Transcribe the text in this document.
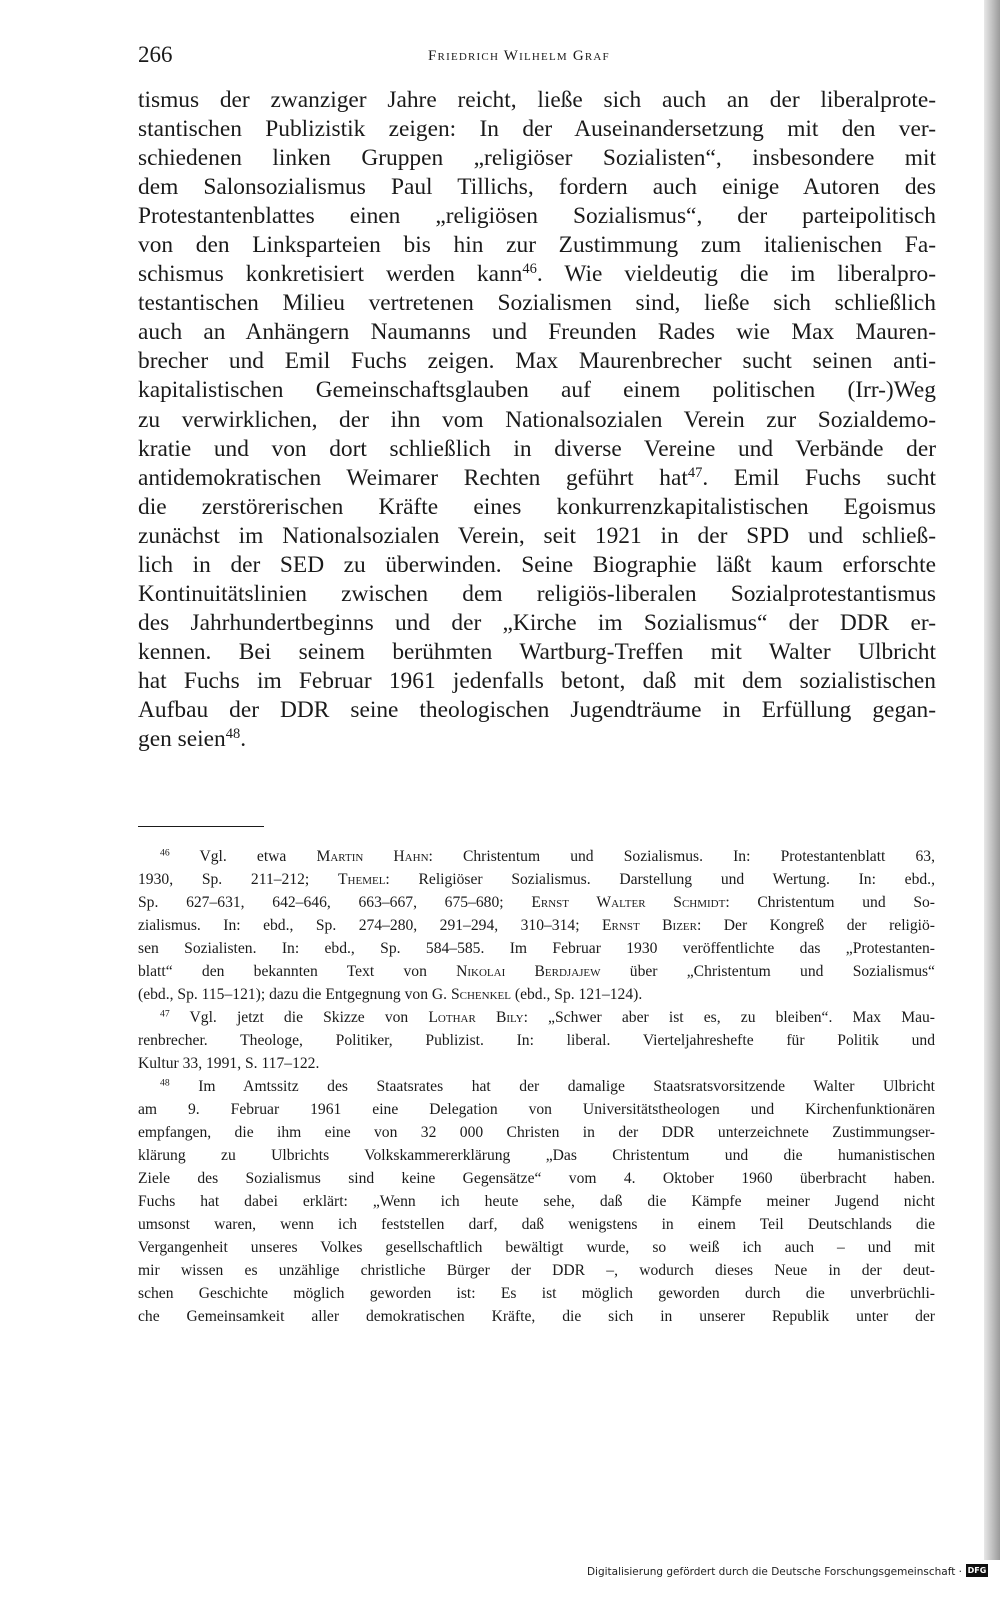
266	Friedrich Wilhelm Graf

tismus der zwanziger Jahre reicht, ließe sich auch an der liberalprote-
stantischen Publizistik zeigen: In der Auseinandersetzung mit den ver-
schiedenen linken Gruppen „religiöser Sozialisten“, insbesondere mit
dem Salonsozialismus Paul Tillichs, fordern auch einige Autoren des
Protestantenblattes einen „religiösen Sozialismus“, der parteipolitisch
von den Linksparteien bis hin zur Zustimmung zum italienischen Fa-
schismus konkretisiert werden kann$^{46}$. Wie vieldeutig die im liberalpro-
testantischen Milieu vertretenen Sozialismen sind, ließe sich schließlich
auch an Anhängern Naumanns und Freunden Rades wie Max Mauren-
brecher und Emil Fuchs zeigen. Max Maurenbrecher sucht seinen anti-
kapitalistischen Gemeinschaftsglauben auf einem politischen (Irr-)Weg
zu verwirklichen, der ihn vom Nationalsozialen Verein zur Sozialdemo-
kratie und von dort schließlich in diverse Vereine und Verbände der
antidemokratischen Weimarer Rechten geführt hat$^{47}$. Emil Fuchs sucht
die zerstörerischen Kräfte eines konkurrenzkapitalistischen Egoismus
zunächst im Nationalsozialen Verein, seit 1921 in der SPD und schließ-
lich in der SED zu überwinden. Seine Biographie läßt kaum erforschte
Kontinuitätslinien zwischen dem religiös-liberalen Sozialprotestantismus
des Jahrhundertbeginns und der „Kirche im Sozialismus“ der DDR er-
kennen. Bei seinem berühmten Wartburg-Treffen mit Walter Ulbricht
hat Fuchs im Februar 1961 jedenfalls betont, daß mit dem sozialistischen
Aufbau der DDR seine theologischen Jugendträume in Erfüllung gegan-
gen seien$^{48}$.

$^{46}$ Vgl. etwa Martin Hahn: Christentum und Sozialismus. In: Protestantenblatt 63,
1930, Sp. 211–212; Themel: Religiöser Sozialismus. Darstellung und Wertung. In: ebd.,
Sp. 627–631, 642–646, 663–667, 675–680; Ernst Walter Schmidt: Christentum und So-
zialismus. In: ebd., Sp. 274–280, 291–294, 310–314; Ernst Bizer: Der Kongreß der religiö-
sen Sozialisten. In: ebd., Sp. 584–585. Im Februar 1930 veröffentlichte das „Protestanten-
blatt“ den bekannten Text von Nikolai Berdjajew über „Christentum und Sozialismus“
(ebd., Sp. 115–121); dazu die Entgegnung von G. Schenkel (ebd., Sp. 121–124).
$^{47}$ Vgl. jetzt die Skizze von Lothar Bily: „Schwer aber ist es, zu bleiben“. Max Mau-
renbrecher. Theologe, Politiker, Publizist. In: liberal. Vierteljahreshefte für Politik und
Kultur 33, 1991, S. 117–122.
$^{48}$ Im Amtssitz des Staatsrates hat der damalige Staatsratsvorsitzende Walter Ulbricht
am 9. Februar 1961 eine Delegation von Universitätstheologen und Kirchenfunktionären
empfangen, die ihm eine von 32 000 Christen in der DDR unterzeichnete Zustimmungser-
klärung zu Ulbrichts Volkskammererklärung „Das Christentum und die humanistischen
Ziele des Sozialismus sind keine Gegensätze“ vom 4. Oktober 1960 überbracht haben.
Fuchs hat dabei erklärt: „Wenn ich heute sehe, daß die Kämpfe meiner Jugend nicht
umsonst waren, wenn ich feststellen darf, daß wenigstens in einem Teil Deutschlands die
Vergangenheit unseres Volkes gesellschaftlich bewältigt wurde, so weiß ich auch – und mit
mir wissen es unzählige christliche Bürger der DDR –, wodurch dieses Neue in der deut-
schen Geschichte möglich geworden ist: Es ist möglich geworden durch die unverbrüchli-
che Gemeinsamkeit aller demokratischen Kräfte, die sich in unserer Republik unter der
Digitalisierung gefördert durch die Deutsche Forschungsgemeinschaft · DFG
